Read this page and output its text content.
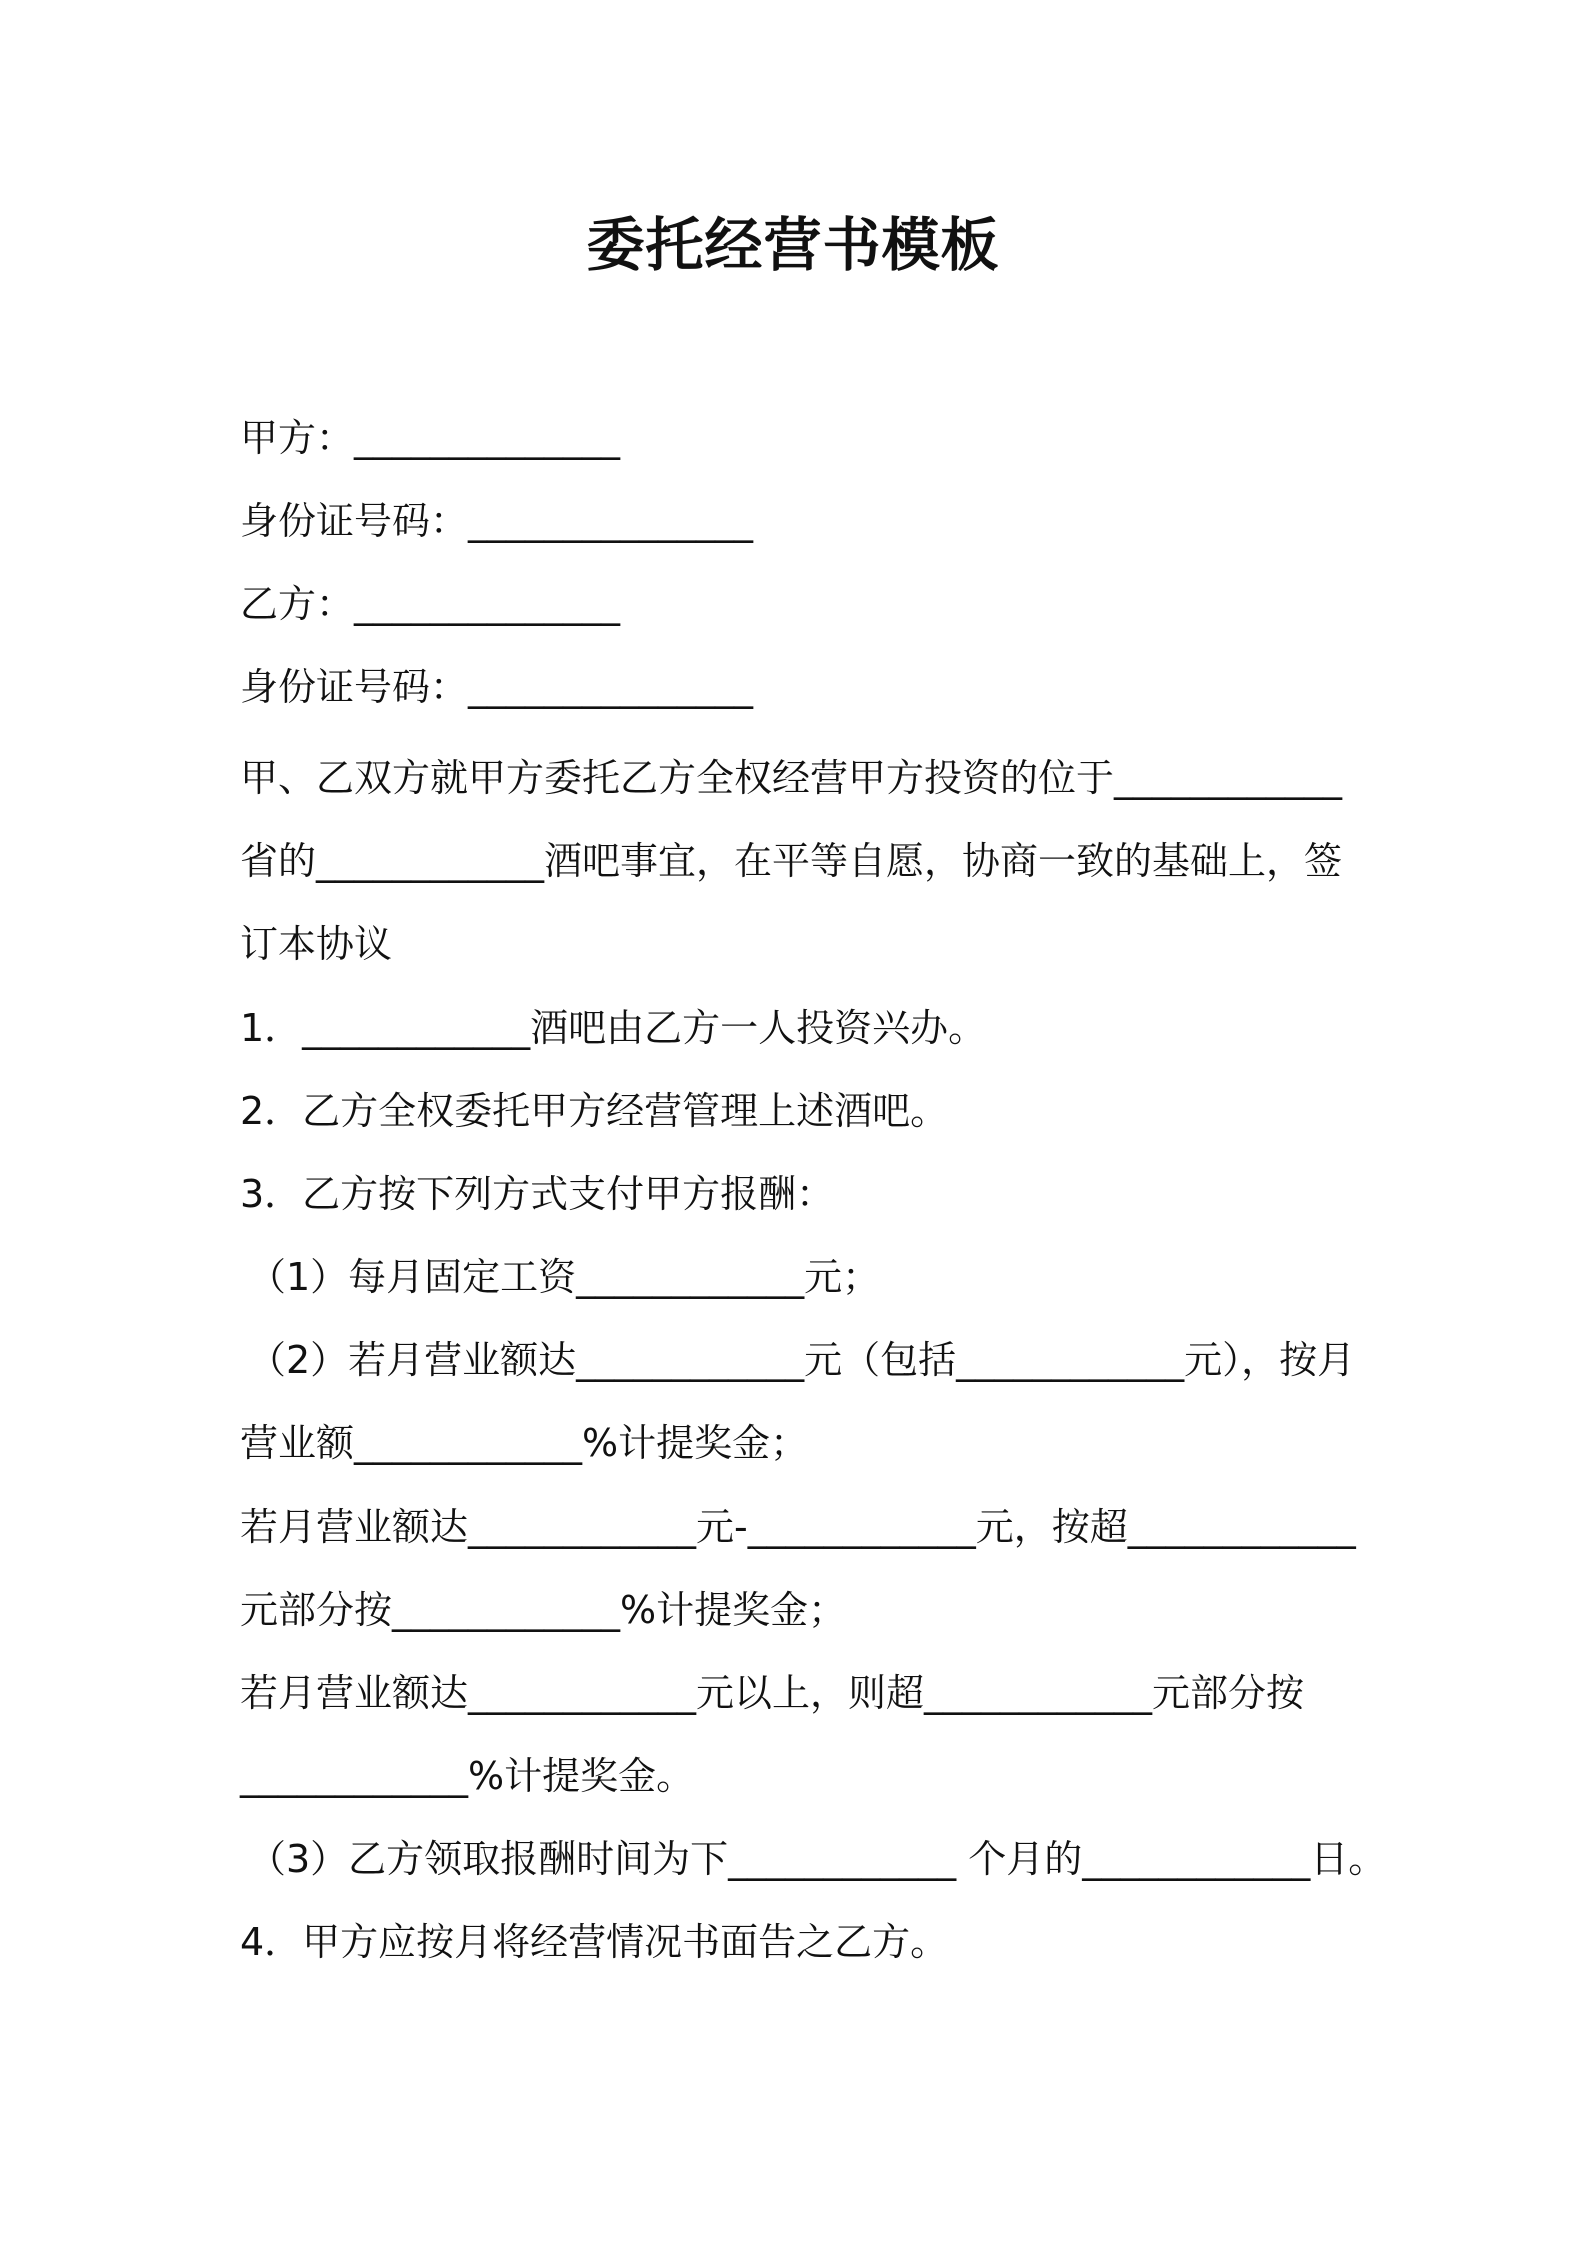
委托经营书模板

甲方：______________

身份证号码：_______________

乙方：______________

身份证号码：_______________

甲、乙双方就甲方委托乙方全权经营甲方投资的位于____________

省的____________酒吧事宜，在平等自愿，协商一致的基础上，签

订本协议

1．____________酒吧由乙方一人投资兴办。

2．乙方全权委托甲方经营管理上述酒吧。

3．乙方按下列方式支付甲方报酬：

（1）每月固定工资____________元；

（2）若月营业额达____________元（包括____________元），按月

营业额____________%计提奖金；

若月营业额达____________元-____________元，按超____________

元部分按____________%计提奖金；

若月营业额达____________元以上，则超____________元部分按

____________%计提奖金。

（3）乙方领取报酬时间为下____________ 个月的____________日。

4．甲方应按月将经营情况书面告之乙方。
